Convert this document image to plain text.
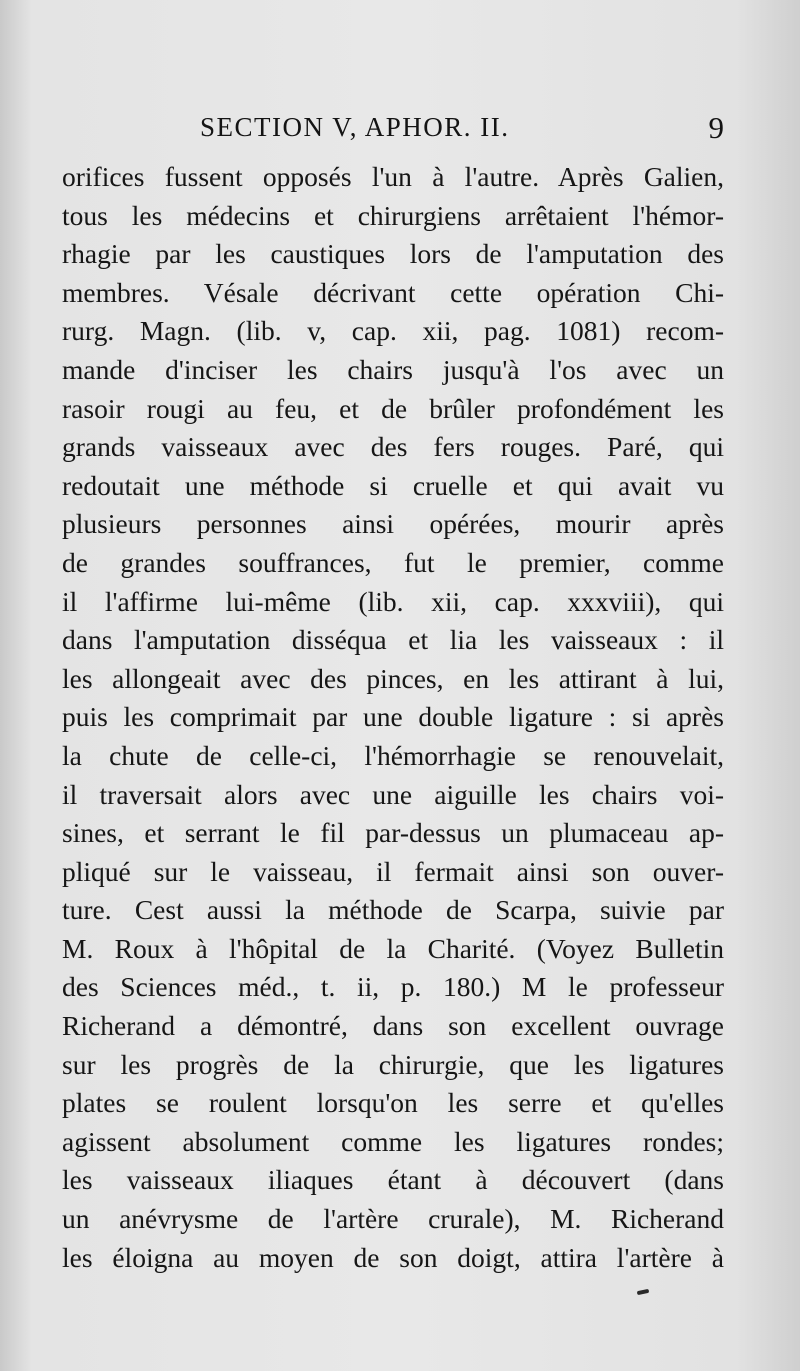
SECTION V, APHOR. II.	9
orifices fussent opposés l'un à l'autre. Après Galien,
tous les médecins et chirurgiens arrêtaient l'hémor-
rhagie par les caustiques lors de l'amputation des
membres. Vésale décrivant cette opération Chi-
rurg. Magn. (lib. v, cap. xii, pag. 1081) recom-
mande d'inciser les chairs jusqu'à l'os avec un
rasoir rougi au feu, et de brûler profondément les
grands vaisseaux avec des fers rouges. Paré, qui
redoutait une méthode si cruelle et qui avait vu
plusieurs personnes ainsi opérées, mourir après
de grandes souffrances, fut le premier, comme
il l'affirme lui-même (lib. xii, cap. xxxviii), qui
dans l'amputation disséqua et lia les vaisseaux : il
les allongeait avec des pinces, en les attirant à lui,
puis les comprimait par une double ligature : si après
la chute de celle-ci, l'hémorrhagie se renouvelait,
il traversait alors avec une aiguille les chairs voi-
sines, et serrant le fil par-dessus un plumaceau ap-
pliqué sur le vaisseau, il fermait ainsi son ouver-
ture. Cest aussi la méthode de Scarpa, suivie par
M. Roux à l'hôpital de la Charité. (Voyez Bulletin
des Sciences méd., t. ii, p. 180.) M le professeur
Richerand a démontré, dans son excellent ouvrage
sur les progrès de la chirurgie, que les ligatures
plates se roulent lorsqu'on les serre et qu'elles
agissent absolument comme les ligatures rondes;
les vaisseaux iliaques étant à découvert (dans
un anévrysme de l'artère crurale), M. Richerand
les éloigna au moyen de son doigt, attira l'artère à
